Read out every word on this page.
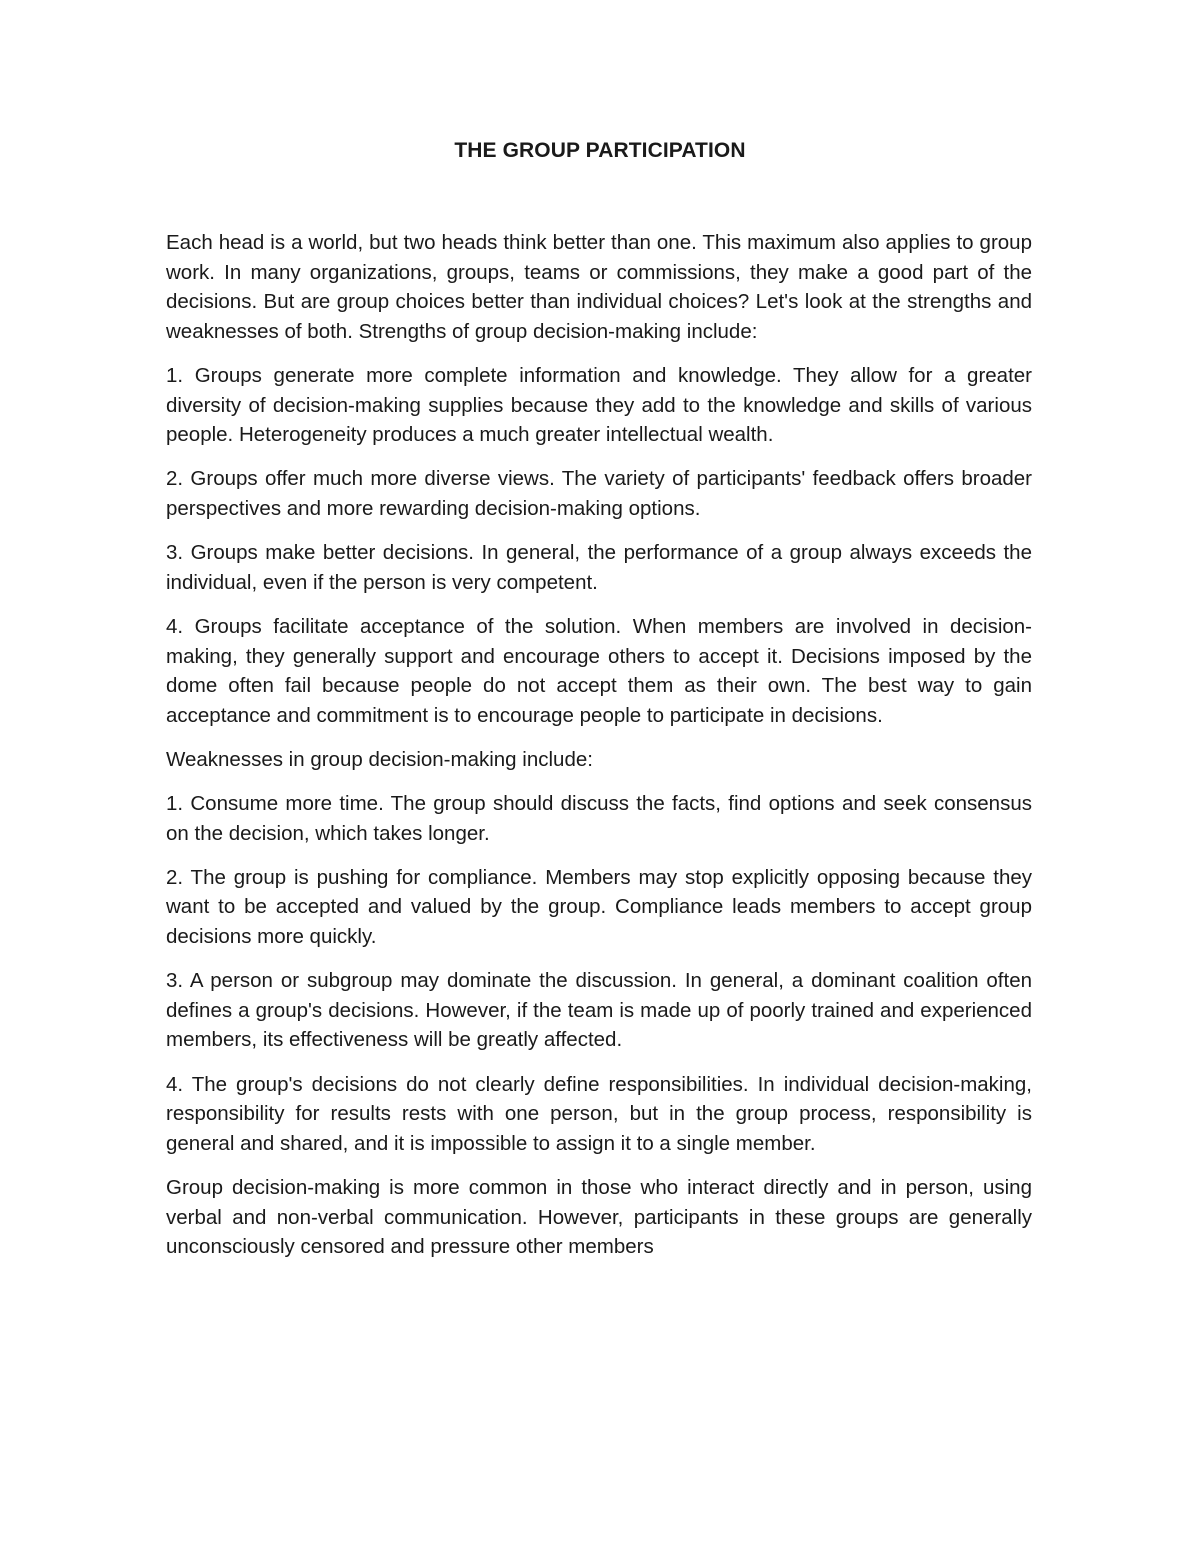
THE GROUP PARTICIPATION

Each head is a world, but two heads think better than one. This maximum also applies to group work. In many organizations, groups, teams or commissions, they make a good part of the decisions. But are group choices better than individual choices? Let's look at the strengths and weaknesses of both. Strengths of group decision-making include:

1. Groups generate more complete information and knowledge. They allow for a greater diversity of decision-making supplies because they add to the knowledge and skills of various people. Heterogeneity produces a much greater intellectual wealth.

2. Groups offer much more diverse views. The variety of participants' feedback offers broader perspectives and more rewarding decision-making options.

3. Groups make better decisions. In general, the performance of a group always exceeds the individual, even if the person is very competent.

4. Groups facilitate acceptance of the solution. When members are involved in decision-making, they generally support and encourage others to accept it. Decisions imposed by the dome often fail because people do not accept them as their own. The best way to gain acceptance and commitment is to encourage people to participate in decisions.

Weaknesses in group decision-making include:

1. Consume more time. The group should discuss the facts, find options and seek consensus on the decision, which takes longer.

2. The group is pushing for compliance. Members may stop explicitly opposing because they want to be accepted and valued by the group. Compliance leads members to accept group decisions more quickly.

3. A person or subgroup may dominate the discussion. In general, a dominant coalition often defines a group's decisions. However, if the team is made up of poorly trained and experienced members, its effectiveness will be greatly affected.

4. The group's decisions do not clearly define responsibilities. In individual decision-making, responsibility for results rests with one person, but in the group process, responsibility is general and shared, and it is impossible to assign it to a single member.

Group decision-making is more common in those who interact directly and in person, using verbal and non-verbal communication. However, participants in these groups are generally unconsciously censored and pressure other members
